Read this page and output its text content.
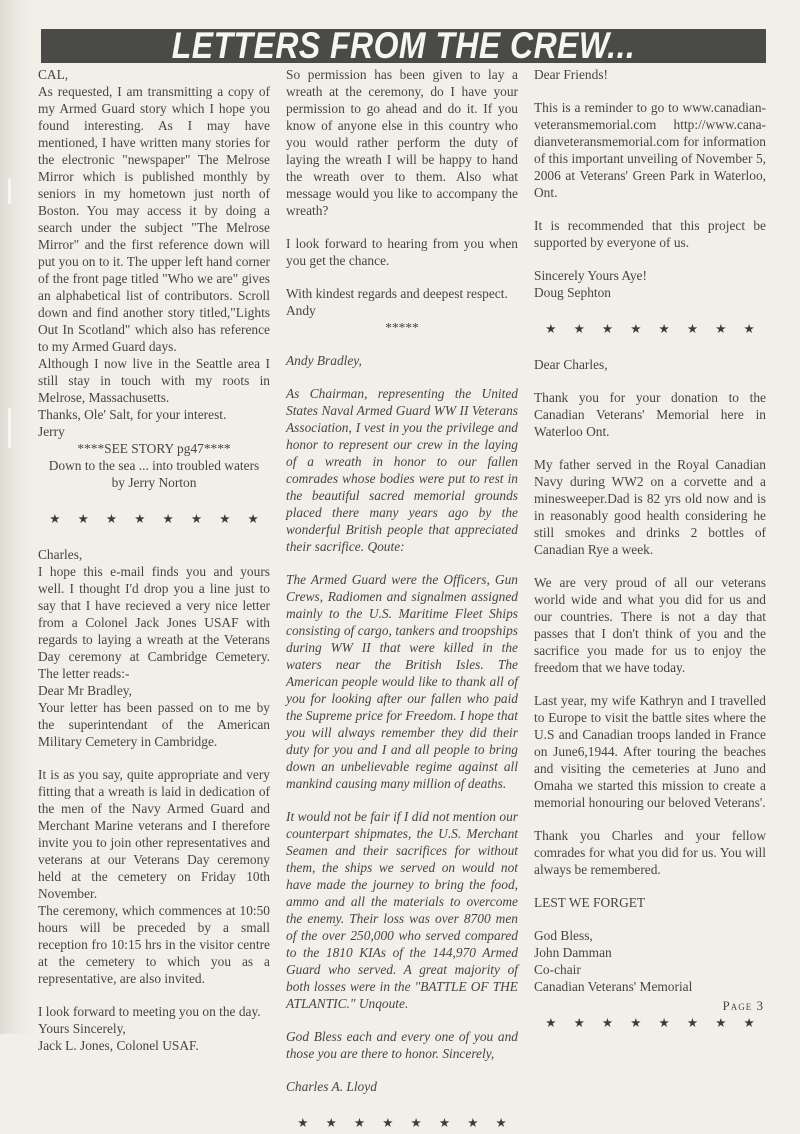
LETTERS FROM THE CREW...
CAL,
As requested, I am transmitting a copy of my Armed Guard story which I hope you found interesting. As I may have mentioned, I have written many stories for the electronic "newspaper" The Melrose Mirror which is published monthly by seniors in my hometown just north of Boston. You may access it by doing a search under the subject "The Melrose Mirror" and the first reference down will put you on to it. The upper left hand corner of the front page titled "Who we are" gives an alphabetical list of contributors. Scroll down and find another story titled,"Lights Out In Scotland" which also has reference to my Armed Guard days.
Although I now live in the Seattle area I still stay in touch with my roots in Melrose, Massachusetts.
Thanks, Ole' Salt, for your interest.
Jerry
****SEE STORY pg47****
Down to the sea ... into troubled waters
by Jerry Norton
★ ★ ★ ★ ★ ★ ★ ★
Charles,
I hope this e-mail finds you and yours well. I thought I'd drop you a line just to say that I have recieved a very nice letter from a Colonel Jack Jones USAF with regards to laying a wreath at the Veterans Day ceremony at Cambridge Cemetery. The letter reads:-
Dear Mr Bradley,
Your letter has been passed on to me by the superintendant of the American Military Cemetery in Cambridge.
It is as you say, quite appropriate and very fitting that a wreath is laid in dedication of the men of the Navy Armed Guard and Merchant Marine veterans and I therefore invite you to join other representatives and veterans at our Veterans Day ceremony held at the cemetery on Friday 10th November.
The ceremony, which commences at 10:50 hours will be preceded by a small reception fro 10:15 hrs in the visitor centre at the cemetery to which you as a representative, are also invited.
I look forward to meeting you on the day.
Yours Sincerely,
Jack L. Jones, Colonel USAF.
So permission has been given to lay a wreath at the ceremony, do I have your permission to go ahead and do it. If you know of anyone else in this country who you would rather perform the duty of laying the wreath I will be happy to hand the wreath over to them. Also what message would you like to accompany the wreath?
I look forward to hearing from you when you get the chance.
With kindest regards and deepest respect.
Andy
*****
Andy Bradley,
As Chairman, representing the United States Naval Armed Guard WW II Veterans Association, I vest in you the privilege and honor to represent our crew in the laying of a wreath in honor to our fallen comrades whose bodies were put to rest in the beautiful sacred memorial grounds placed there many years ago by the wonderful British people that appreciated their sacrifice. Qoute:
The Armed Guard were the Officers, Gun Crews, Radiomen and signalmen assigned mainly to the U.S. Maritime Fleet Ships consisting of cargo, tankers and troopships during WW II that were killed in the waters near the British Isles. The American people would like to thank all of you for looking after our fallen who paid the Supreme price for Freedom. I hope that you will always remember they did their duty for you and I and all people to bring down an unbelievable regime against all mankind causing many million of deaths.
It would not be fair if I did not mention our counterpart shipmates, the U.S. Merchant Seamen and their sacrifices for without them, the ships we served on would not have made the journey to bring the food, ammo and all the materials to overcome the enemy. Their loss was over 8700 men of the over 250,000 who served compared to the 1810 KIAs of the 144,970 Armed Guard who served. A great majority of both losses were in the "BATTLE OF THE ATLANTIC." Unqoute.
God Bless each and every one of you and those you are there to honor. Sincerely,
Charles A. Lloyd
★ ★ ★ ★ ★ ★ ★ ★
Dear Friends!
This is a reminder to go to www.canadian-veteransmemorial.com http://www.cana-dianveteransmemorial.com for information of this important unveiling of November 5, 2006 at Veterans' Green Park in Waterloo, Ont.
It is recommended that this project be supported by everyone of us.
Sincerely Yours Aye!
Doug Sephton
★ ★ ★ ★ ★ ★ ★ ★
Dear Charles,
Thank you for your donation to the Canadian Veterans' Memorial here in Waterloo Ont.
My father served in the Royal Canadian Navy during WW2 on a corvette and a minesweeper.Dad is 82 yrs old now and is in reasonably good health considering he still smokes and drinks 2 bottles of Canadian Rye a week.
We are very proud of all our veterans world wide and what you did for us and our countries. There is not a day that passes that I don't think of you and the sacrifice you made for us to enjoy the freedom that we have today.
Last year, my wife Kathryn and I travelled to Europe to visit the battle sites where the U.S and Canadian troops landed in France on June6,1944. After touring the beaches and visiting the cemeteries at Juno and Omaha we started this mission to create a memorial honouring our beloved Veterans'.
Thank you Charles and your fellow comrades for what you did for us. You will always be remembered.
LEST WE FORGET
God Bless,
John Damman
Co-chair
Canadian Veterans' Memorial
★ ★ ★ ★ ★ ★ ★ ★
Page 3
